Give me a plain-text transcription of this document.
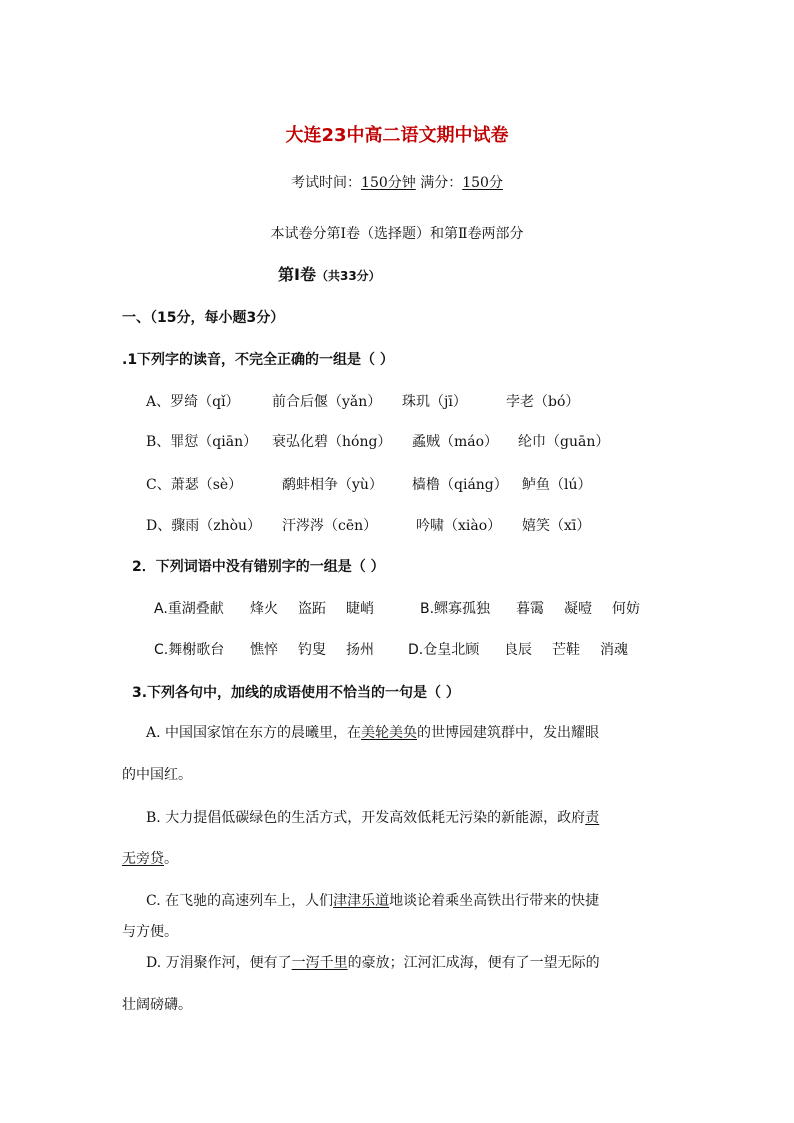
大连23中高二语文期中试卷
考试时间：150分钟 满分：150分
本试卷分第Ⅰ卷（选择题）和第Ⅱ卷两部分
第Ⅰ卷（共33分）
一、（15分，每小题3分）
.1下列字的读音，不完全正确的一组是（ ）
A、罗绮（qǐ） 前合后偃（yǎn） 珠玑（jī）	孛老（bó）
B、罪愆（qiān） 衰弘化碧（hóng） 蟊贼（máo） 纶巾（guān）
C、萧瑟（sè）	鹬蚌相争（yù） 樯橹（qiáng） 鲈鱼（lú）
D、骤雨（zhòu） 汗涔涔（cēn）	吟啸（xiào） 嬉笑（xī）
2．下列词语中没有错别字的一组是（ ）
A.重湖叠献 烽火 盗跖 睫峭	B.鳏寡孤独 暮霭 凝噎 何妨
C.舞榭歌台 憔悴 钓叟 扬州 D.仓皇北顾 良辰 芒鞋 消魂
3.下列各句中，加线的成语使用不恰当的一句是（ ）
A. 中国国家馆在东方的晨曦里，在美轮美奂的世博园建筑群中，发出耀眼
的中国红。
B. 大力提倡低碳绿色的生活方式，开发高效低耗无污染的新能源，政府责
无旁贷。
C. 在飞驰的高速列车上，人们津津乐道地谈论着乘坐高铁出行带来的快捷
与方便。
D. 万涓聚作河，便有了一泻千里的豪放；江河汇成海，便有了一望无际的
壮阔磅礴。
